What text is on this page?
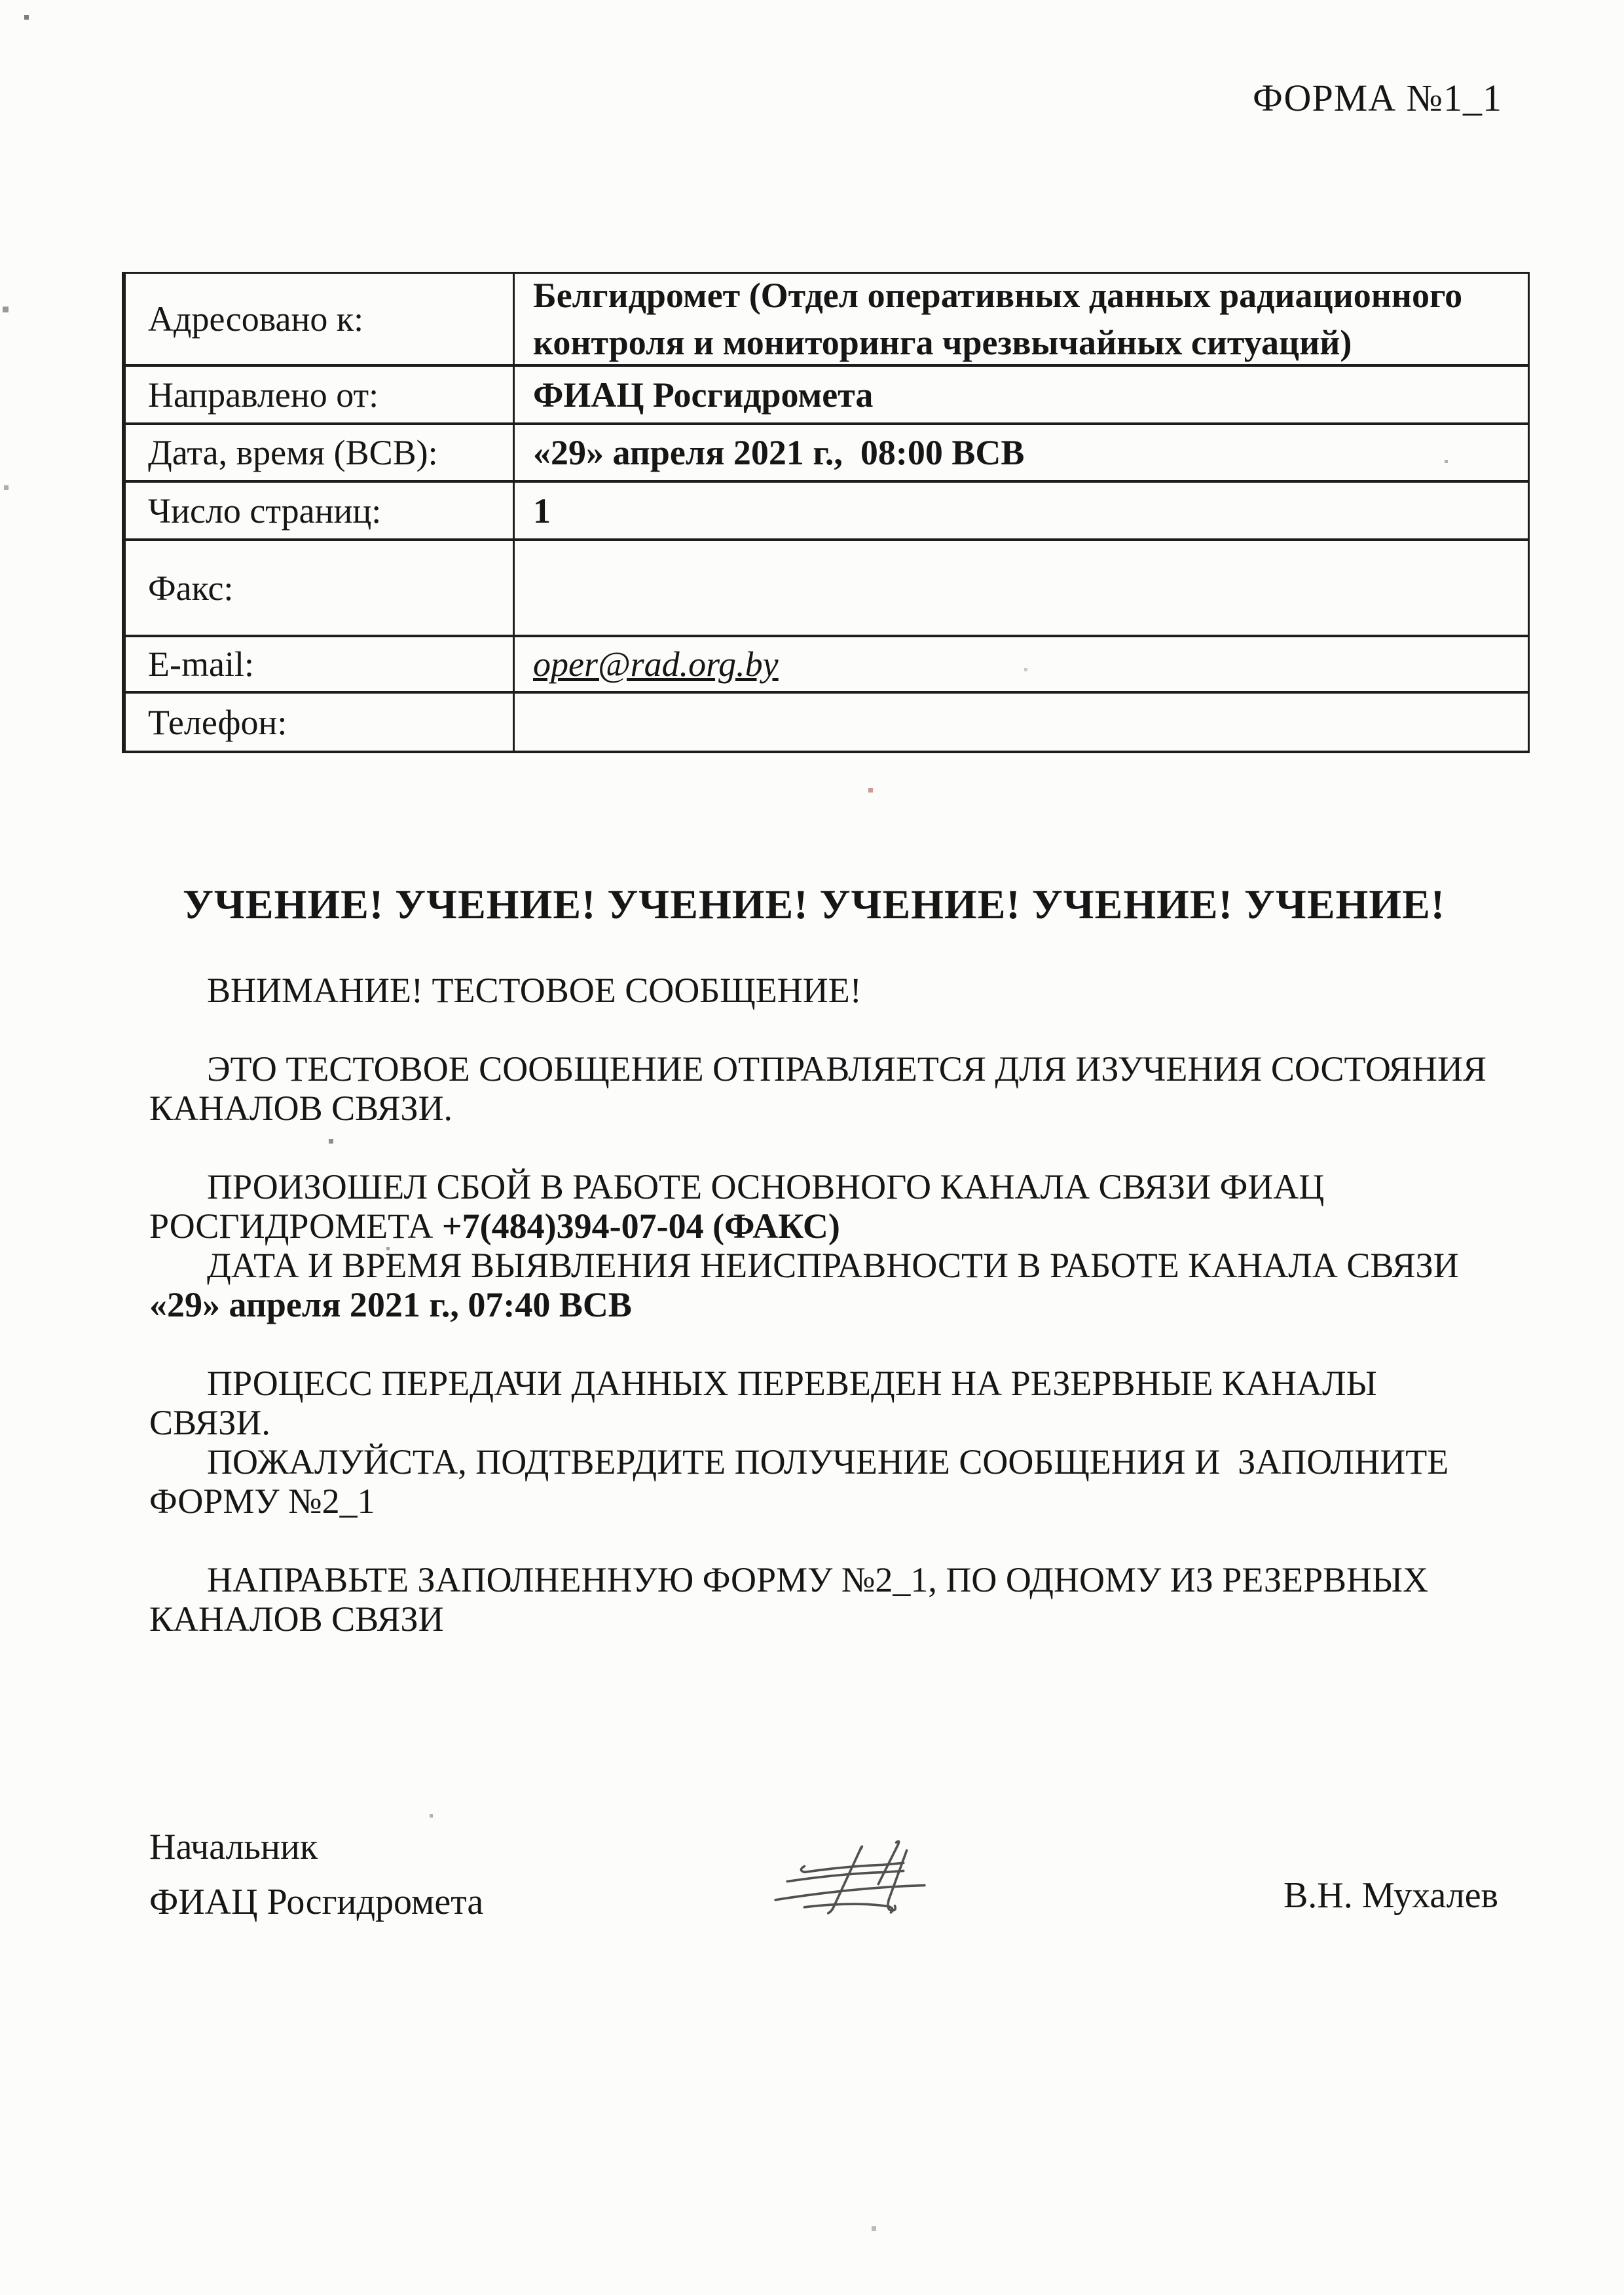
ФОРМА №1_1
Адресовано к:
Белгидромет (Отдел оперативных данных радиационного
контроля и мониторинга чрезвычайных ситуаций)
Направлено от:	ФИАЦ Росгидромета
Дата, время (ВСВ):	«29» апреля 2021 г.,  08:00 ВСВ
Число страниц:	1
Факс:
E-mail:	oper@rad.org.by
Телефон:
УЧЕНИЕ! УЧЕНИЕ! УЧЕНИЕ! УЧЕНИЕ! УЧЕНИЕ! УЧЕНИЕ!
ВНИМАНИЕ! ТЕСТОВОЕ СООБЩЕНИЕ!

ЭТО ТЕСТОВОЕ СООБЩЕНИЕ ОТПРАВЛЯЕТСЯ ДЛЯ ИЗУЧЕНИЯ СОСТОЯНИЯ
КАНАЛОВ СВЯЗИ.

ПРОИЗОШЕЛ СБОЙ В РАБОТЕ ОСНОВНОГО КАНАЛА СВЯЗИ ФИАЦ
РОСГИДРОМЕТА +7(484)394-07-04 (ФАКС)
ДАТА И ВРЕМЯ ВЫЯВЛЕНИЯ НЕИСПРАВНОСТИ В РАБОТЕ КАНАЛА СВЯЗИ
«29» апреля 2021 г., 07:40 ВСВ

ПРОЦЕСС ПЕРЕДАЧИ ДАННЫХ ПЕРЕВЕДЕН НА РЕЗЕРВНЫЕ КАНАЛЫ
СВЯЗИ.
ПОЖАЛУЙСТА, ПОДТВЕРДИТЕ ПОЛУЧЕНИЕ СООБЩЕНИЯ И  ЗАПОЛНИТЕ
ФОРМУ №2_1

НАПРАВЬТЕ ЗАПОЛНЕННУЮ ФОРМУ №2_1, ПО ОДНОМУ ИЗ РЕЗЕРВНЫХ
КАНАЛОВ СВЯЗИ
Начальник
ФИАЦ Росгидромета	В.Н. Мухалев
